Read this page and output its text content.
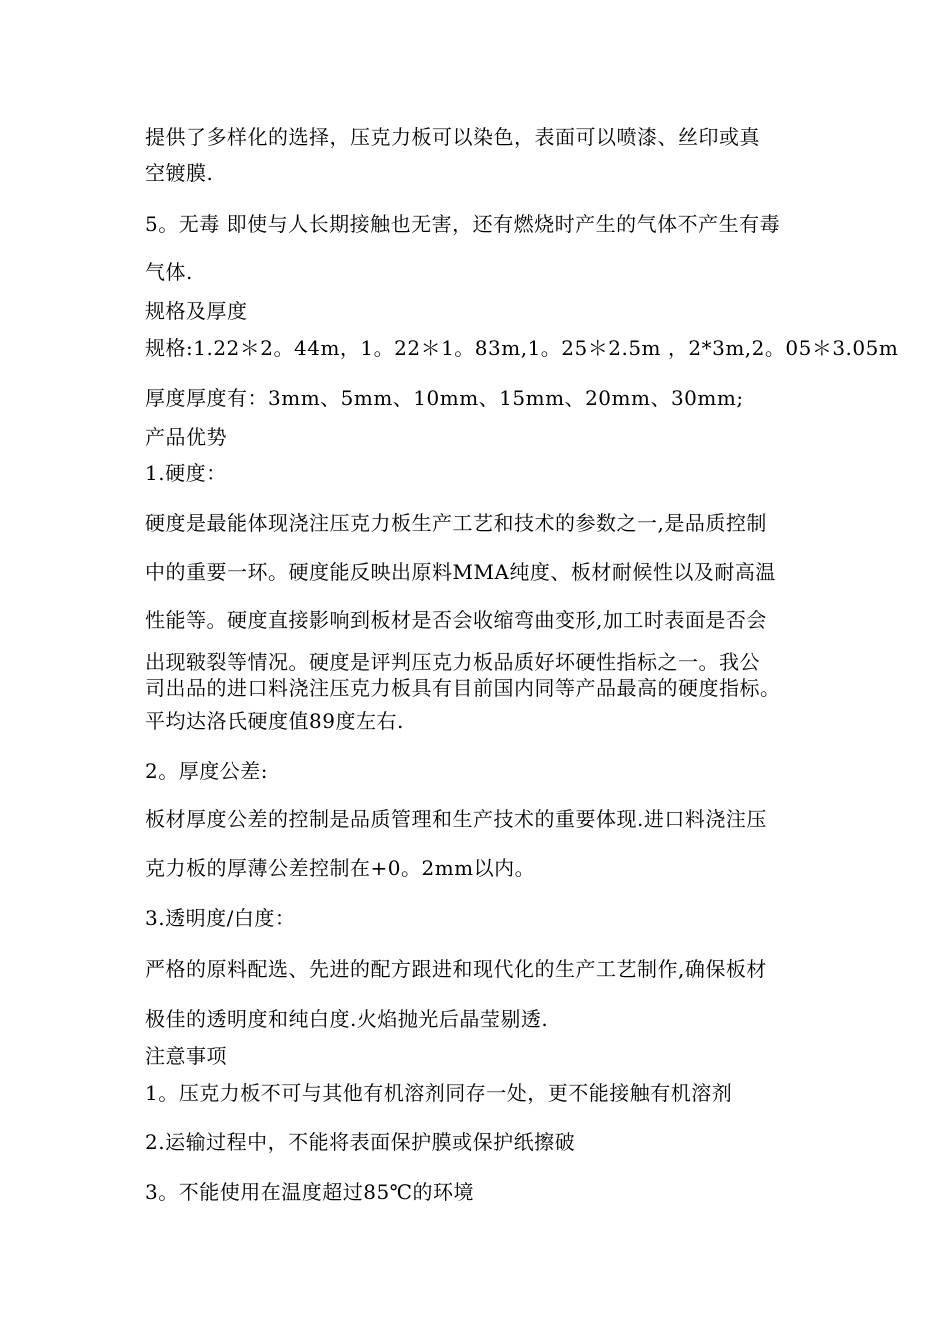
提供了多样化的选择，压克力板可以染色，表面可以喷漆、丝印或真
空镀膜.
5。无毒 即使与人长期接触也无害，还有燃烧时产生的气体不产生有毒
气体.
规格及厚度
规格:1.22＊2。44m，1。22＊1。83m,1。25＊2.5m ，2*3m,2。05＊3.05m
厚度厚度有：3mm、5mm、10mm、15mm、20mm、30mm;
产品优势
1.硬度：
硬度是最能体现浇注压克力板生产工艺和技术的参数之一,是品质控制
中的重要一环。硬度能反映出原料MMA纯度、板材耐候性以及耐高温
性能等。硬度直接影响到板材是否会收缩弯曲变形,加工时表面是否会
出现皲裂等情况。硬度是评判压克力板品质好坏硬性指标之一。我公
司出品的进口料浇注压克力板具有目前国内同等产品最高的硬度指标。
平均达洛氏硬度值89度左右.
2。厚度公差:
板材厚度公差的控制是品质管理和生产技术的重要体现.进口料浇注压
克力板的厚薄公差控制在+0。2mm以内。
3.透明度/白度：
严格的原料配选、先进的配方跟进和现代化的生产工艺制作,确保板材
极佳的透明度和纯白度.火焰抛光后晶莹剔透.
注意事项
1。压克力板不可与其他有机溶剂同存一处，更不能接触有机溶剂
2.运输过程中，不能将表面保护膜或保护纸擦破
3。不能使用在温度超过85℃的环境
